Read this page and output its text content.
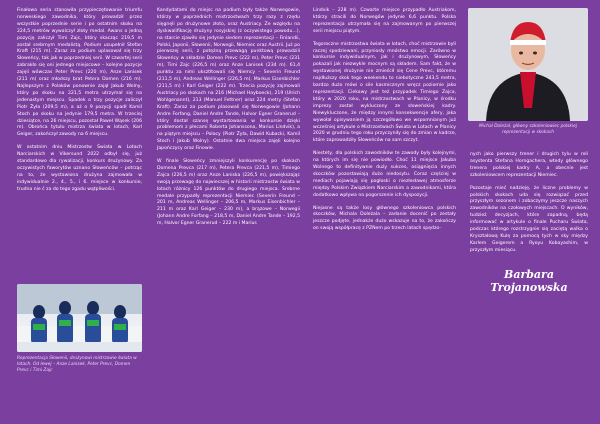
Finałowa seria stanowiła przypieczętowanie triumfu norweskiego zawodnika, który prowadził przez wszystkie poprzednie serie i po ostatnim skoku na 224,5 metrów wywalczył złoty medal. Awans o jedną pozycję zaliczył Timi Zajc, który skacząc 219,5 m został srebrnym medalistą. Podium uzupełnił Stefan Kraft (215 m). Zaraz za podium uplasował się trzy Słoweńcy, tak jak w poprzedniej serii. W czwartej serii zabrakło się oni jednego miejscowe – kolejne pozycje zajęli wówczas Peter Prevc (220 m), Anze Lanisek (211 m) oraz młodszy brat Petera Domen (216 m). Najlepszym z Polaków ponownie zajął Jakub Wolny, który po skoku na 221,5 metra utrzymał się na jedenastym miejscu. Spadek o trzy pozycje zaliczył Piotr Żyła (209,5 m), a aż o 9 pozycji spadł Kamil Stoch po skoku na jedynie 179,5 metra. W trzeciej dziesiątce, na 26 miejscu, pozostał Paweł Wąsek (206 m). Obrońca tytułu mistrza świata w lotach, Karl Geiger, zakończył zawody na 6 miejscu.

W ostatnim dniu Mistrzostw Świata w Lotach Narciarskich w Vikersund 2022 odbył się, już standardowo dla rywalizacji, konkurs drużynowy. Za oczywistych faworytów uznano Słoweńców – potrząc na to, że wystawiona drużyna zajmowała w indywidualnie 2., 4., 5., i 6. miejsce w konkursie, trudna nie ć za do tego zgadu wątpliwości.

Reprezentacja Słowenii, drużynowi mistrzowie świata w lotach. Od lewej – Anze Lanisek, Peter Prevc, Domen Prevc i Timi Zajc

Kandydatami do miejsc na podium były także Norwegowie, którzy w poprzednich mistrzostwach trzy razy z rzędu sięgnęli po drużynowe złoto, oraz Austriacy. Ze względu na dyskwalifikację drużyny rosyjskiej (z oczywistego powodu...), na starcie zjawiło się jedynie siedem reprezentacji – Finlandii, Polski, Japonii, Słowenii, Norwegii, Niemiec oraz Austrii. Już po pierwszej serii, z potężną przewagą punktową prowadzili Słoweńcy w składzie Domen Prevc (222 m), Peter Prevc (231 m), Timi Zajc (226,5 m) oraz Anze Lanisek (234 m). 61,4 punktu za nimi uksztłtowali się Niemcy – Severin Freund (211,5 m), Andreas Wellinger (226,5 m), Markus Eisenbichler (211,5 m) i Karl Geiger (222 m). Trzecia pozycję zajmowali Austriacy po skokach na 216 (Michael Hayboeck), 219 (Ulrich Wohlgenannt), 213 (Manuel Fettner) oraz 224 metry (Stefan Kraft). Zaraz za podium plasowali się Norwegowie (Johann Andre Forfang, Daniel Andre Tande, Halvor Egner Granerud – który dostał szansę wystartowania w konkursie dzięki problemom z płecami Roberta Johanssona, Marius Lindvik), a na piątym miejscu – Polacy (Piotr Żyła, Dawid Kubacki, Kamil Stoch i Jakub Wolny). Ostatnie dwa miejsca zajęli kolejno Japończycy oraz Finowie.

W finale Słoweńcy zmniejszyli konkurencję po skokach Domena Prevca (217 m), Petera Prevca (221,5 m), Timiego Zajca (226,5 m) oraz Anze Laniska (226,5 m), powiększając swoją przewagę do najwiecszej w historii mistrzostw świata w lotach różnicy 126 punktów do drugiego miejsca. Srebrne medale przypadły reprezentacji Niemiec (Severin Freund – 201 m, Andreas Wellinger – 206,5 m, Markus Eisenbichler – 211 m oraz Karl Geiger – 230 m), a brązowe – Norwegii (Johann Andre Forfang – 218,5 m, Daniel Andre Tande – 192,5 m, Halvor Egner Granerud – 222 m i Marius

Lindvik – 228 m). Czwarte miejsce przypadło Austriakom, którzy stracili do Norwegów jedynie 6,6 punktu. Polska reprezentacja utrzymała się na zajmowanym po pierwszej serii miejscu piątym.

Tegoroczne mistrzostwa świata w lotach, choć mistrzowie byli raczej spodziewani, przyniosły mnóstwo emocji. Zarówno w konkursie indywidualnym, jak i drużynowym, Słoweńcy pokazali jak niezwykle mocnym są składem. Sam fakt, że w wystawionej drużynie nie zmieścił się Cene Prevc, któremu najdłuższy skok tego weekendu to niebotyczne 243,5 metra, bardzo dużo mówi o sile kasmicznym wręcz poziomie jako reprezentacji. Ciekawy jest też przypadek Timiego Zajca, który w 2020 roku, na mistrzostwach w Planicy, w środku imprezy został wykluczony ze słoweńskiej kadry. Niewykluczone, że między innymi konsekwencje afery, jaka wywołał opisywaniem ją szczegółowo we wspomnianym już wcześniej artykule o Mistrzostwach Świata w Lotach w Planicy 2020 w grudniu tego roku przyczyniły się do zmian w kadrze, które zaprowadziły Słoweńców na sam szczyt.

Niestety, dla polskich zawodników te zawody były kolejnymi, na których im się nie powiodło. Choć 11 miejsce Jakuba Wolnego to definitywnie duży sukces, osiągnięcia innych skoczków pozostawiają dużo niedosytu. Coraz częściej w mediach pojawiają się pogłoski o niezłesławej atmosferze między Polskim Związkiem Narciarskim a zawodnikami, która dodatkowo wpływa na pogorszenie ich dyspozycji.

Niejasne są także losy głównego szkoleniowca polskich skoczków, Michala Doleżala – zadanie docenić po zestały jeszcze podjęte, jednakże dużo wskazuje na to, że zakończy on swoją współpracę z PZNem po trzech latach spędzo-

Michal Doleżal, główny szkoleniowiec polskiej reprezentacji w skokach

nych jako pierwszy trener i drugich tylu w roli asystenta Stefana Horngachera, wtedy głównego trenera polskiej kadry A, a obecnie jest szkoleniowcem reprezentacji Niemiec.

Pozostaje mieć nadzieję, że liczne problemy w polskich skokach uda się rozwiązać przed przyszłym sezonem i zobaczymy jeszcze naszych zawodników na czołowych miejscach. O wyników, tudzież decyzjach, które zapadną, będą informować w artykule o finale Pucharu Świata, podczas którego rozstrzygnie się zaciętą walka o Kryształową Kulę za pomocą tych w sky między Karlem Geigerem a Ryoyu Kobayashim, w przyszłym miesiącu.

Barbara Trojanowska
